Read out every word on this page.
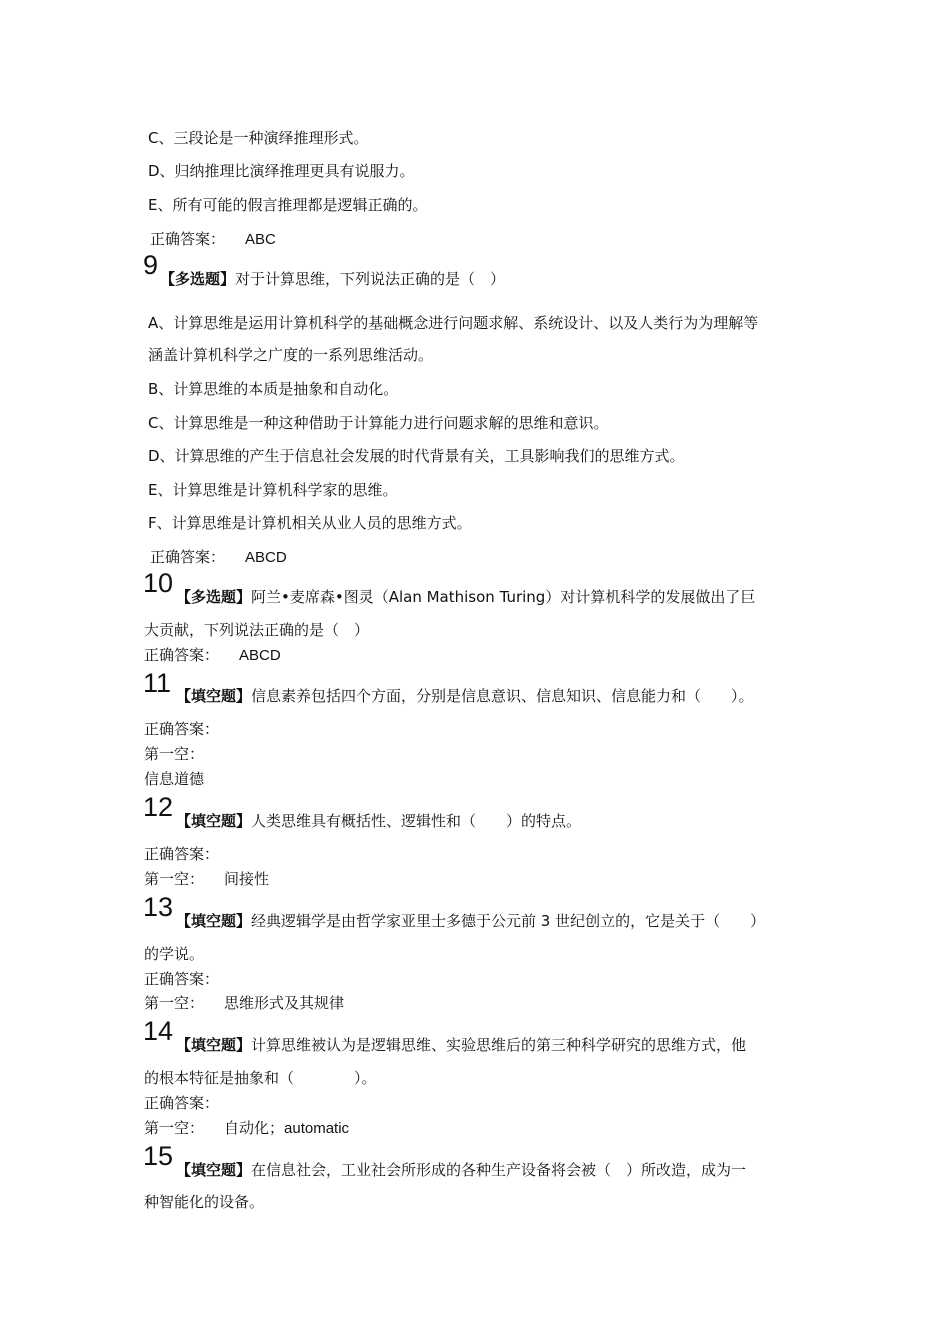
C、三段论是一种演绎推理形式。
D、归纳推理比演绎推理更具有说服力。
E、所有可能的假言推理都是逻辑正确的。
正确答案： ABC
9 【多选题】对于计算思维，下列说法正确的是（　）
A、计算思维是运用计算机科学的基础概念进行问题求解、系统设计、以及人类行为为理解等
涵盖计算机科学之广度的一系列思维活动。
B、计算思维的本质是抽象和自动化。
C、计算思维是一种这种借助于计算能力进行问题求解的思维和意识。
D、计算思维的产生于信息社会发展的时代背景有关，工具影响我们的思维方式。
E、计算思维是计算机科学家的思维。
F、计算思维是计算机相关从业人员的思维方式。
正确答案： ABCD
10 【多选题】阿兰•麦席森•图灵（Alan Mathison Turing）对计算机科学的发展做出了巨
大贡献，下列说法正确的是（　）
正确答案： ABCD
11 【填空题】信息素养包括四个方面，分别是信息意识、信息知识、信息能力和（　　）。
正确答案：
第一空：
信息道德
12 【填空题】人类思维具有概括性、逻辑性和（　　）的特点。
正确答案：
第一空： 间接性
13 【填空题】经典逻辑学是由哲学家亚里士多德于公元前 3 世纪创立的，它是关于（　　）
的学说。
正确答案：
第一空： 思维形式及其规律
14 【填空题】计算思维被认为是逻辑思维、实验思维后的第三种科学研究的思维方式，他
的根本特征是抽象和（　　　　）。
正确答案：
第一空： 自动化；automatic
15 【填空题】在信息社会，工业社会所形成的各种生产设备将会被（　）所改造，成为一
种智能化的设备。
